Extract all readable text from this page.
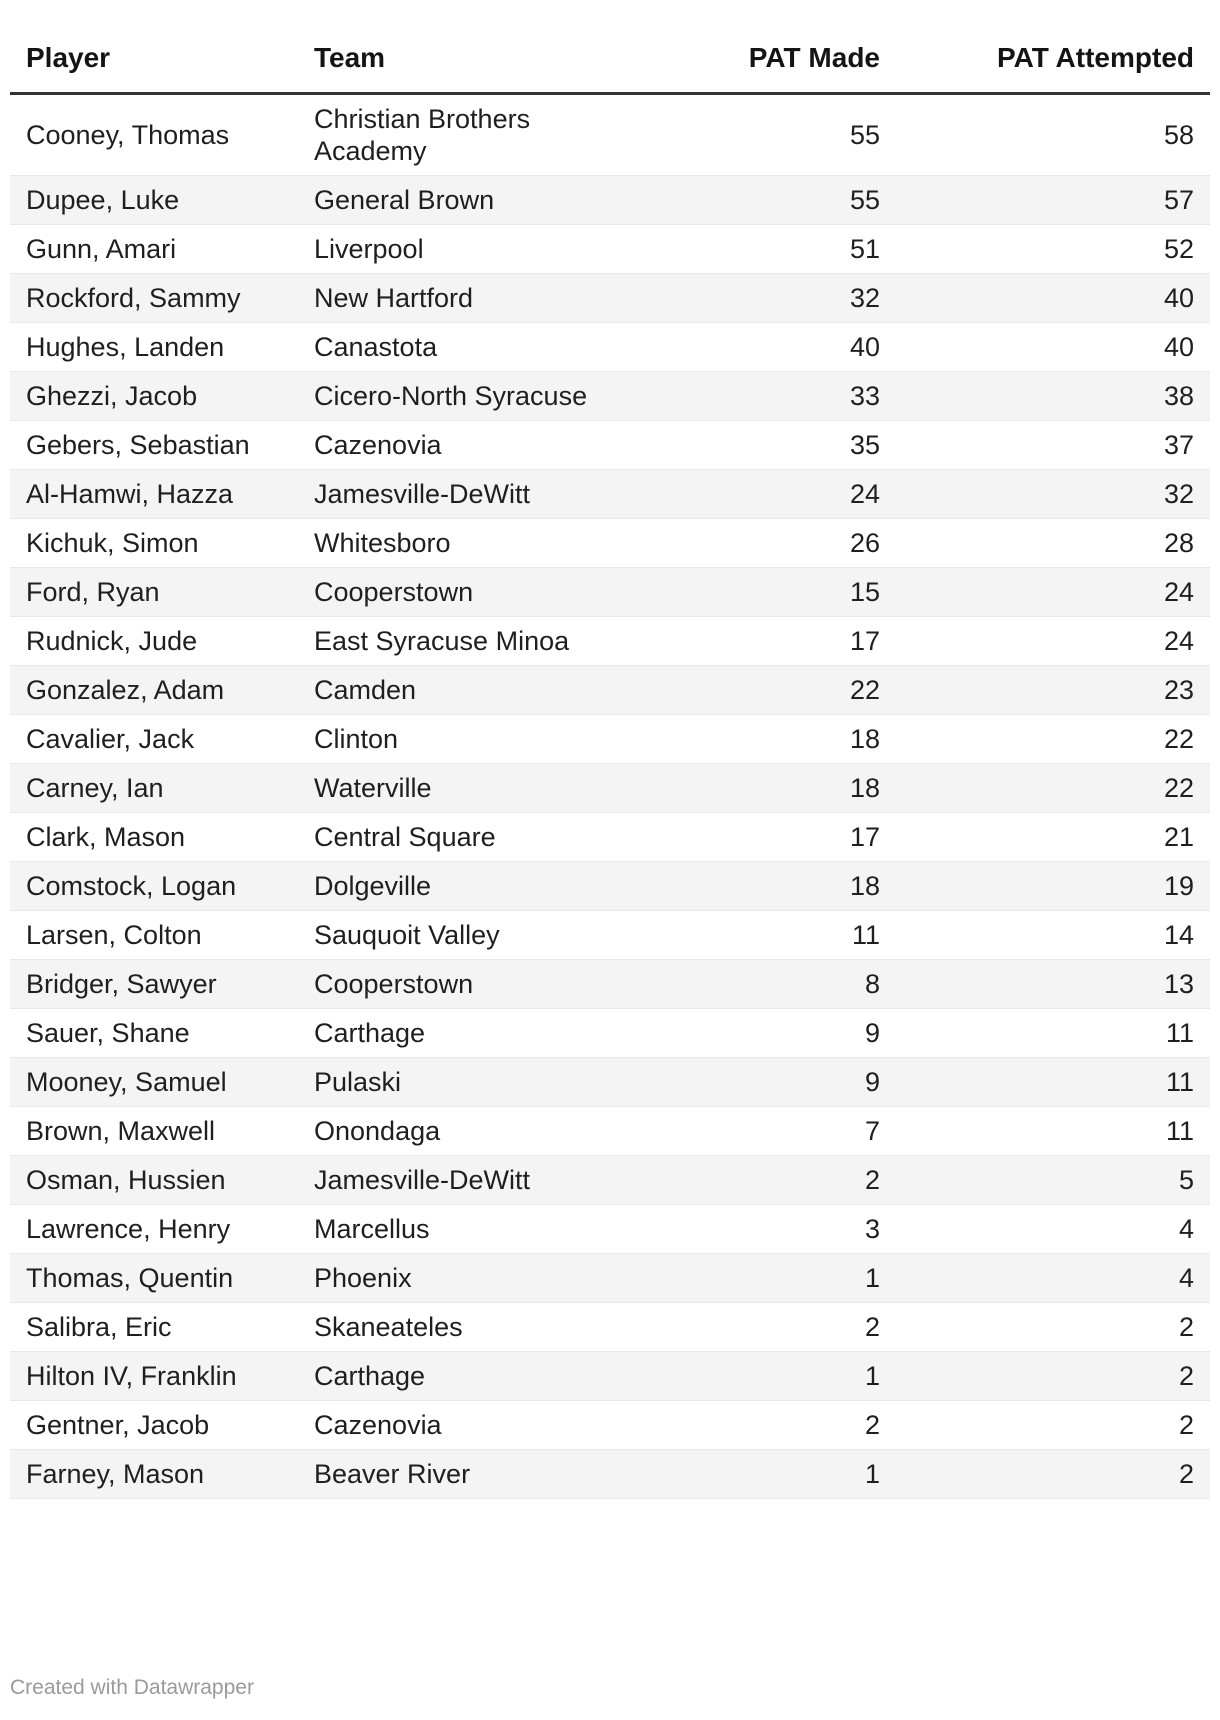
Player	Team	PAT Made	PAT Attempted
Cooney, Thomas	Christian Brothers Academy	55	58
Dupee, Luke	General Brown	55	57
Gunn, Amari	Liverpool	51	52
Rockford, Sammy	New Hartford	32	40
Hughes, Landen	Canastota	40	40
Ghezzi, Jacob	Cicero-North Syracuse	33	38
Gebers, Sebastian	Cazenovia	35	37
Al-Hamwi, Hazza	Jamesville-DeWitt	24	32
Kichuk, Simon	Whitesboro	26	28
Ford, Ryan	Cooperstown	15	24
Rudnick, Jude	East Syracuse Minoa	17	24
Gonzalez, Adam	Camden	22	23
Cavalier, Jack	Clinton	18	22
Carney, Ian	Waterville	18	22
Clark, Mason	Central Square	17	21
Comstock, Logan	Dolgeville	18	19
Larsen, Colton	Sauquoit Valley	11	14
Bridger, Sawyer	Cooperstown	8	13
Sauer, Shane	Carthage	9	11
Mooney, Samuel	Pulaski	9	11
Brown, Maxwell	Onondaga	7	11
Osman, Hussien	Jamesville-DeWitt	2	5
Lawrence, Henry	Marcellus	3	4
Thomas, Quentin	Phoenix	1	4
Salibra, Eric	Skaneateles	2	2
Hilton IV, Franklin	Carthage	1	2
Gentner, Jacob	Cazenovia	2	2
Farney, Mason	Beaver River	1	2
Created with Datawrapper
